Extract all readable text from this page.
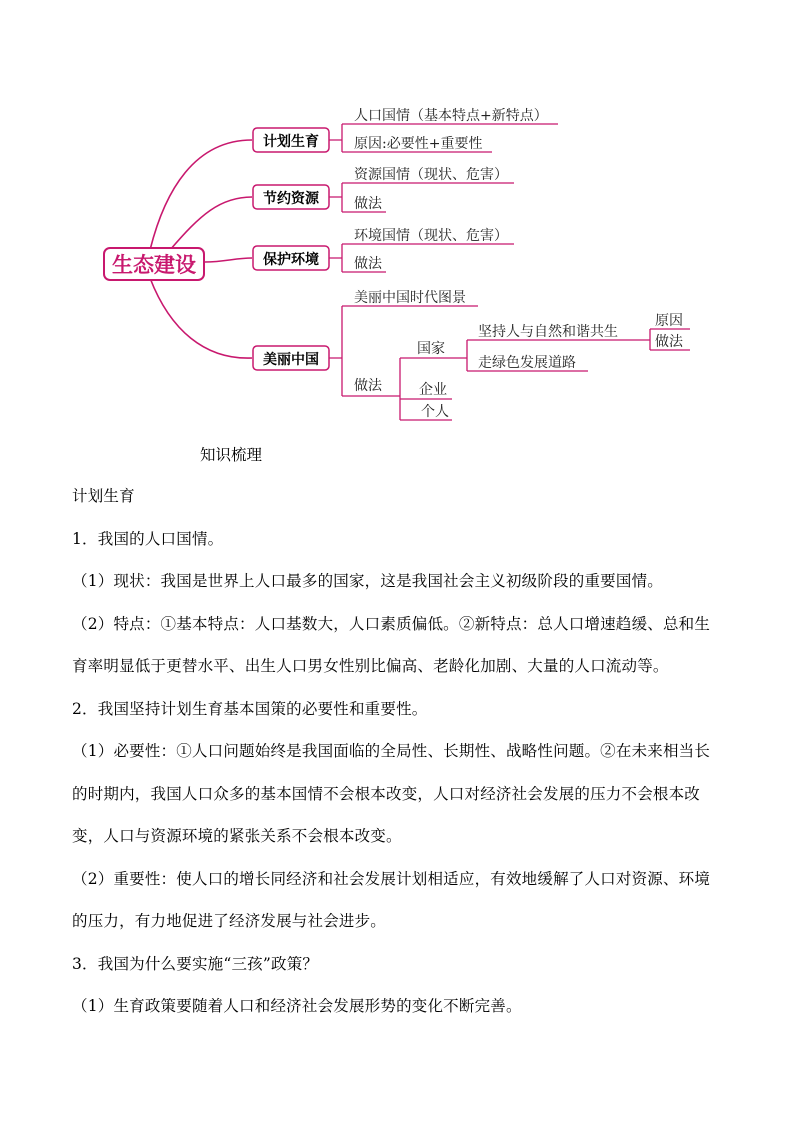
生态建设
计划生育
节约资源
保护环境
美丽中国
人口国情（基本特点+新特点）
原因:必要性+重要性
资源国情（现状、危害）
做法
环境国情（现状、危害）
做法
美丽中国时代图景
做法
国家
企业
个人
坚持人与自然和谐共生
走绿色发展道路
原因
做法
知识梳理

计划生育

1．我国的人口国情。

（1）现状：我国是世界上人口最多的国家，这是我国社会主义初级阶段的重要国情。

（2）特点：①基本特点：人口基数大，人口素质偏低。②新特点：总人口增速趋缓、总和生育率明显低于更替水平、出生人口男女性别比偏高、老龄化加剧、大量的人口流动等。

2．我国坚持计划生育基本国策的必要性和重要性。

（1）必要性：①人口问题始终是我国面临的全局性、长期性、战略性问题。②在未来相当长的时期内，我国人口众多的基本国情不会根本改变，人口对经济社会发展的压力不会根本改变，人口与资源环境的紧张关系不会根本改变。

（2）重要性：使人口的增长同经济和社会发展计划相适应，有效地缓解了人口对资源、环境的压力，有力地促进了经济发展与社会进步。

3．我国为什么要实施“三孩”政策？

（1）生育政策要随着人口和经济社会发展形势的变化不断完善。
